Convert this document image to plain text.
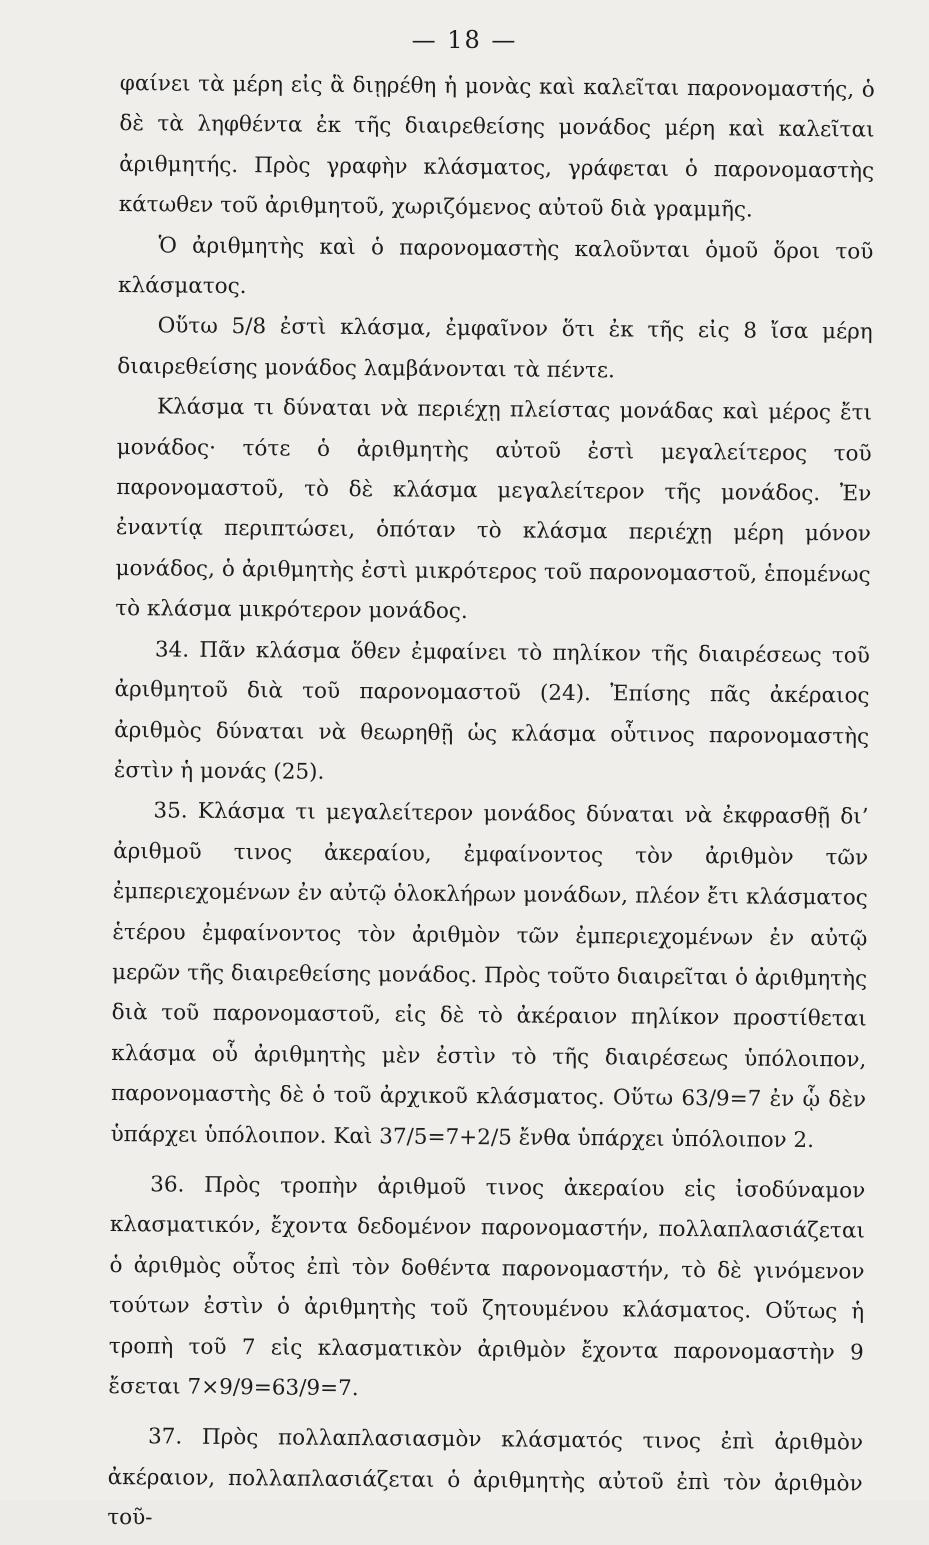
— 18 —

φαίνει τὰ μέρη εἰς ἃ διῃρέθη ἡ μονὰς καὶ καλεῖται παρονομαστής, ὁ δὲ τὰ ληφθέντα ἐκ τῆς διαιρεθείσης μονάδος μέρη καὶ καλεῖται ἀριθμητής. Πρὸς γραφὴν κλάσματος, γράφεται ὁ παρονομαστὴς κάτωθεν τοῦ ἀριθμητοῦ, χωριζόμενος αὐτοῦ διὰ γραμμῆς.

Ὁ ἀριθμητὴς καὶ ὁ παρονομαστὴς καλοῦνται ὁμοῦ ὅροι τοῦ κλάσματος.

Οὕτω 5/8 ἐστὶ κλάσμα, ἐμφαῖνον ὅτι ἐκ τῆς εἰς 8 ἴσα μέρη διαιρεθείσης μονάδος λαμβάνονται τὰ πέντε.

Κλάσμα τι δύναται νὰ περιέχῃ πλείστας μονάδας καὶ μέρος ἔτι μονάδος· τότε ὁ ἀριθμητὴς αὐτοῦ ἐστὶ μεγαλείτερος τοῦ παρονομαστοῦ, τὸ δὲ κλάσμα μεγαλείτερον τῆς μονάδος. Ἐν ἐναντίᾳ περιπτώσει, ὁπόταν τὸ κλάσμα περιέχῃ μέρη μόνον μονάδος, ὁ ἀριθμητὴς ἐστὶ μικρότερος τοῦ παρονομαστοῦ, ἑπομένως τὸ κλάσμα μικρότερον μονάδος.

34. Πᾶν κλάσμα ὅθεν ἐμφαίνει τὸ πηλίκον τῆς διαιρέσεως τοῦ ἀριθμητοῦ διὰ τοῦ παρονομαστοῦ (24). Ἐπίσης πᾶς ἀκέραιος ἀριθμὸς δύναται νὰ θεωρηθῇ ὡς κλάσμα οὗτινος παρονομαστὴς ἐστὶν ἡ μονάς (25).

35. Κλάσμα τι μεγαλείτερον μονάδος δύναται νὰ ἐκφρασθῇ δι’ ἀριθμοῦ τινος ἀκεραίου, ἐμφαίνοντος τὸν ἀριθμὸν τῶν ἐμπεριεχομένων ἐν αὐτῷ ὁλοκλήρων μονάδων, πλέον ἔτι κλάσματος ἑτέρου ἐμφαίνοντος τὸν ἀριθμὸν τῶν ἐμπεριεχομένων ἐν αὐτῷ μερῶν τῆς διαιρεθείσης μονάδος. Πρὸς τοῦτο διαιρεῖται ὁ ἀριθμητὴς διὰ τοῦ παρονομαστοῦ, εἰς δὲ τὸ ἀκέραιον πηλίκον προστίθεται κλάσμα οὗ ἀριθμητὴς μὲν ἐστὶν τὸ τῆς διαιρέσεως ὑπόλοιπον, παρονομαστὴς δὲ ὁ τοῦ ἀρχικοῦ κλάσματος. Οὕτω 63/9=7 ἐν ᾧ δὲν ὑπάρχει ὑπόλοιπον. Καὶ 37/5=7+2/5 ἔνθα ὑπάρχει ὑπόλοιπον 2.

36. Πρὸς τροπὴν ἀριθμοῦ τινος ἀκεραίου εἰς ἰσοδύναμον κλασματικόν, ἔχοντα δεδομένον παρονομαστήν, πολλαπλασιάζεται ὁ ἀριθμὸς οὗτος ἐπὶ τὸν δοθέντα παρονομαστήν, τὸ δὲ γινόμενον τούτων ἐστὶν ὁ ἀριθμητὴς τοῦ ζητουμένου κλάσματος. Οὕτως ἡ τροπὴ τοῦ 7 εἰς κλασματικὸν ἀριθμὸν ἔχοντα παρονομαστὴν 9 ἔσεται 7×9/9=63/9=7.

37. Πρὸς πολλαπλασιασμὸν κλάσματός τινος ἐπὶ ἀριθμὸν ἀκέραιον, πολλαπλασιάζεται ὁ ἀριθμητὴς αὐτοῦ ἐπὶ τὸν ἀριθμὸν τοῦ-
